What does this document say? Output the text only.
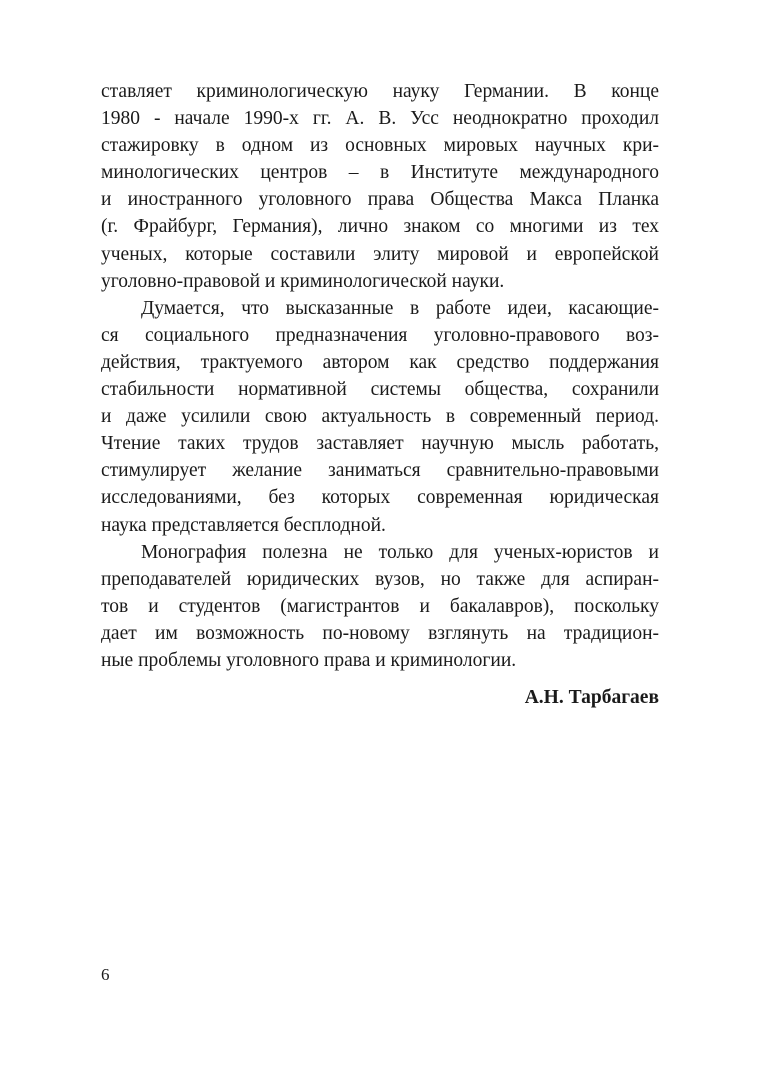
ставляет криминологическую науку Германии. В конце
1980 - начале 1990-х гг. А. В. Усс неоднократно проходил
стажировку в одном из основных мировых научных кри-
минологических центров – в Институте международного
и иностранного уголовного права Общества Макса Планка
(г. Фрайбург, Германия), лично знаком со многими из тех
ученых, которые составили элиту мировой и европейской
уголовно-правовой и криминологической науки.

Думается, что высказанные в работе идеи, касающие-
ся социального предназначения уголовно-правового воз-
действия, трактуемого автором как средство поддержания
стабильности нормативной системы общества, сохранили
и даже усилили свою актуальность в современный период.
Чтение таких трудов заставляет научную мысль работать,
стимулирует желание заниматься сравнительно-правовыми
исследованиями, без которых современная юридическая
наука представляется бесплодной.

Монография полезна не только для ученых-юристов и
преподавателей юридических вузов, но также для аспиран-
тов и студентов (магистрантов и бакалавров), поскольку
дает им возможность по-новому взглянуть на традицион-
ные проблемы уголовного права и криминологии.

А.Н. Тарбагаев
6
